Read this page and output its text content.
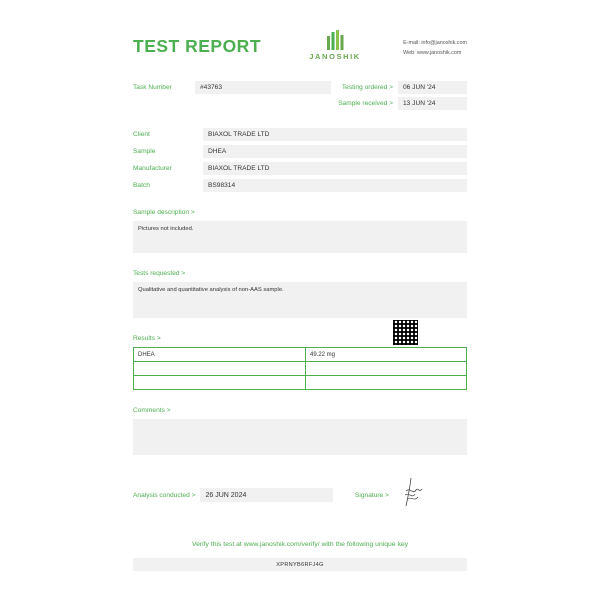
TEST REPORT
JANOSHIK
E-mail: info@janoshik.com
Web: www.janoshik.com
Task Number	#43763	Testing ordered > 06 JUN '24
Sample received > 13 JUN '24
Client	BIAXOL TRADE LTD
Sample	DHEA
Manufacturer	BIAXOL TRADE LTD
Batch	BS98314
Sample description >
Pictures not included.
Tests requested >
Qualitative and quantitative analysis of non-AAS sample.
Results >
DHEA	49.22 mg

Comments >
Analysis conducted > 26 JUN 2024	Signature >
Verify this test at www.janoshik.com/verify/ with the following unique key
XPRNYB6RFJ4G
